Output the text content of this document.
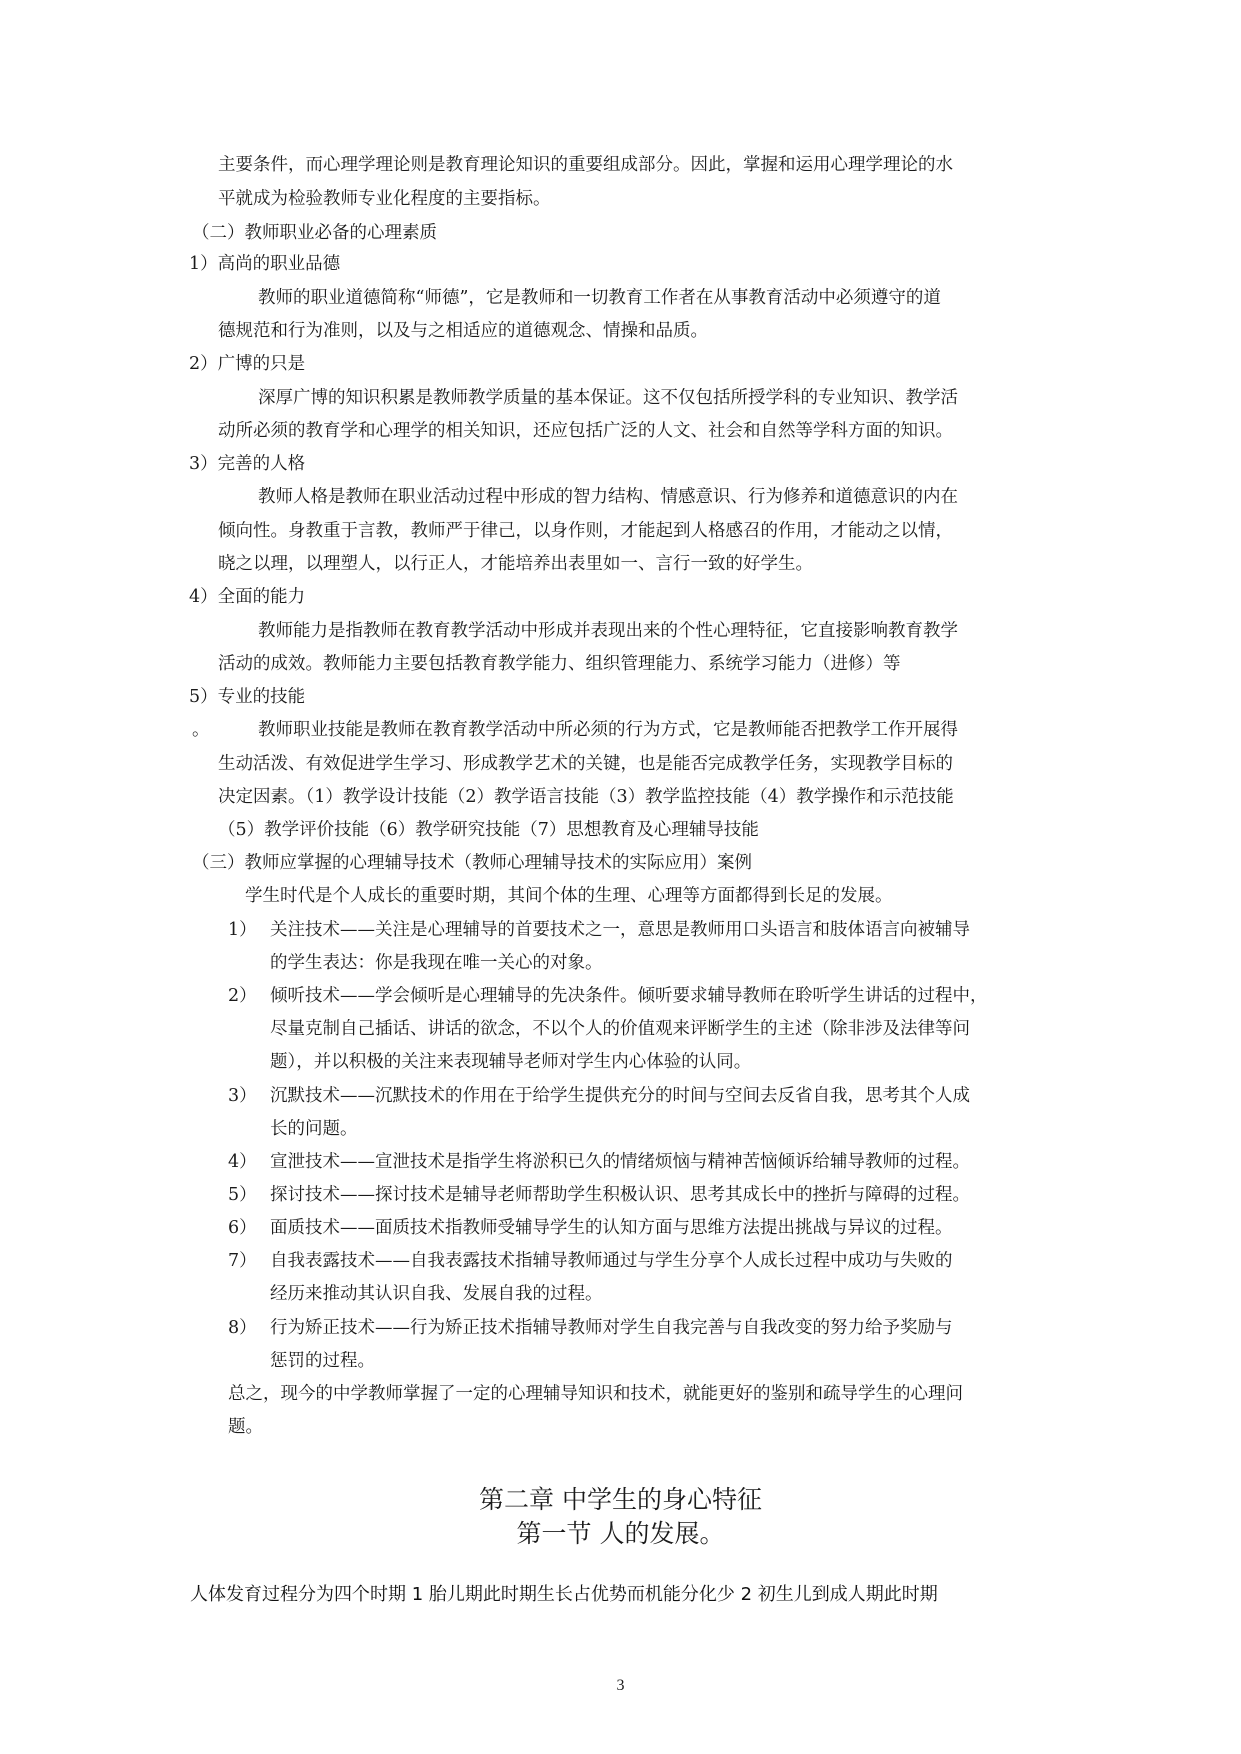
主要条件，而心理学理论则是教育理论知识的重要组成部分。因此，掌握和运用心理学理论的水
平就成为检验教师专业化程度的主要指标。
（二）教师职业必备的心理素质
1）高尚的职业品德
教师的职业道德简称“师德”，它是教师和一切教育工作者在从事教育活动中必须遵守的道
德规范和行为准则，以及与之相适应的道德观念、情操和品质。
2）广博的只是
深厚广博的知识积累是教师教学质量的基本保证。这不仅包括所授学科的专业知识、教学活
动所必须的教育学和心理学的相关知识，还应包括广泛的人文、社会和自然等学科方面的知识。
3）完善的人格
教师人格是教师在职业活动过程中形成的智力结构、情感意识、行为修养和道德意识的内在
倾向性。身教重于言教，教师严于律己，以身作则，才能起到人格感召的作用，才能动之以情，
晓之以理，以理塑人，以行正人，才能培养出表里如一、言行一致的好学生。
4）全面的能力
教师能力是指教师在教育教学活动中形成并表现出来的个性心理特征，它直接影响教育教学
活动的成效。教师能力主要包括教育教学能力、组织管理能力、系统学习能力（进修）等
5）专业的技能
。	教师职业技能是教师在教育教学活动中所必须的行为方式，它是教师能否把教学工作开展得
生动活泼、有效促进学生学习、形成教学艺术的关键，也是能否完成教学任务，实现教学目标的
决定因素。（1）教学设计技能（2）教学语言技能（3）教学监控技能（4）教学操作和示范技能
（5）教学评价技能（6）教学研究技能（7）思想教育及心理辅导技能
（三）教师应掌握的心理辅导技术（教师心理辅导技术的实际应用）案例
学生时代是个人成长的重要时期，其间个体的生理、心理等方面都得到长足的发展。
1） 关注技术——关注是心理辅导的首要技术之一，意思是教师用口头语言和肢体语言向被辅导
的学生表达：你是我现在唯一关心的对象。
2） 倾听技术——学会倾听是心理辅导的先决条件。倾听要求辅导教师在聆听学生讲话的过程中，
尽量克制自己插话、讲话的欲念，不以个人的价值观来评断学生的主述（除非涉及法律等问
题），并以积极的关注来表现辅导老师对学生内心体验的认同。
3） 沉默技术——沉默技术的作用在于给学生提供充分的时间与空间去反省自我，思考其个人成
长的问题。
4） 宣泄技术——宣泄技术是指学生将淤积已久的情绪烦恼与精神苦恼倾诉给辅导教师的过程。
5） 探讨技术——探讨技术是辅导老师帮助学生积极认识、思考其成长中的挫折与障碍的过程。
6） 面质技术——面质技术指教师受辅导学生的认知方面与思维方法提出挑战与异议的过程。
7） 自我表露技术——自我表露技术指辅导教师通过与学生分享个人成长过程中成功与失败的
经历来推动其认识自我、发展自我的过程。
8） 行为矫正技术——行为矫正技术指辅导教师对学生自我完善与自我改变的努力给予奖励与
惩罚的过程。
总之，现今的中学教师掌握了一定的心理辅导知识和技术，就能更好的鉴别和疏导学生的心理问
题。
第二章 中学生的身心特征
第一节 人的发展。
人体发育过程分为四个时期 1 胎儿期此时期生长占优势而机能分化少 2 初生儿到成人期此时期
3
